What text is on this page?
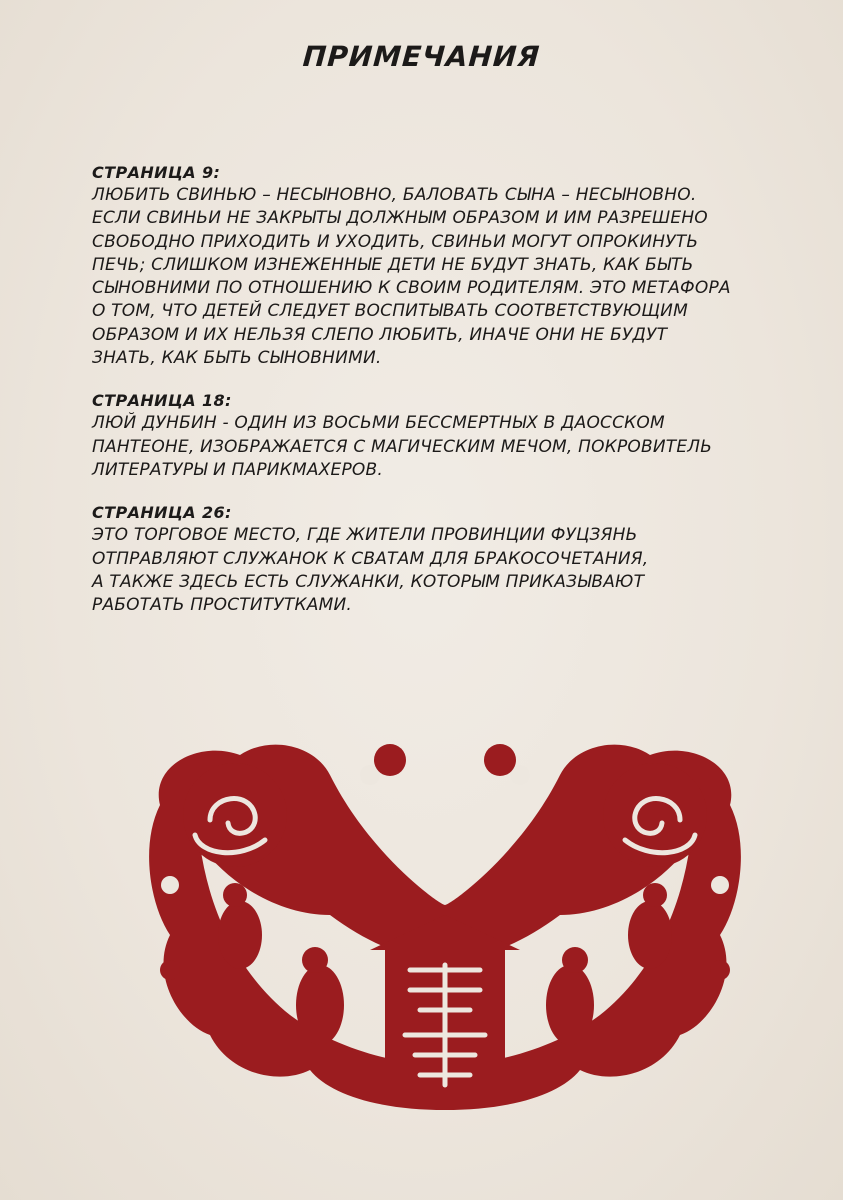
ПРИМЕЧАНИЯ
СТРАНИЦА 9:
ЛЮБИТЬ СВИНЬЮ – НЕСЫНОВНО, БАЛОВАТЬ СЫНА – НЕСЫНОВНО.
ЕСЛИ СВИНЬИ НЕ ЗАКРЫТЫ ДОЛЖНЫМ ОБРАЗОМ И ИМ РАЗРЕШЕНО
СВОБОДНО ПРИХОДИТЬ И УХОДИТЬ, СВИНЬИ МОГУТ ОПРОКИНУТЬ
ПЕЧЬ; СЛИШКОМ ИЗНЕЖЕННЫЕ ДЕТИ НЕ БУДУТ ЗНАТЬ, КАК БЫТЬ
СЫНОВНИМИ ПО ОТНОШЕНИЮ К СВОИМ РОДИТЕЛЯМ. ЭТО МЕТАФОРА
О ТОМ, ЧТО ДЕТЕЙ СЛЕДУЕТ ВОСПИТЫВАТЬ СООТВЕТСТВУЮЩИМ
ОБРАЗОМ И ИХ НЕЛЬЗЯ СЛЕПО ЛЮБИТЬ, ИНАЧЕ ОНИ НЕ БУДУТ
ЗНАТЬ, КАК БЫТЬ СЫНОВНИМИ.
СТРАНИЦА 18:
ЛЮЙ ДУНБИН - ОДИН ИЗ ВОСЬМИ БЕССМЕРТНЫХ В ДАОССКОМ
ПАНТЕОНЕ, ИЗОБРАЖАЕТСЯ С МАГИЧЕСКИМ МЕЧОМ, ПОКРОВИТЕЛЬ
ЛИТЕРАТУРЫ И ПАРИКМАХЕРОВ.
СТРАНИЦА 26:
ЭТО ТОРГОВОЕ МЕСТО, ГДЕ ЖИТЕЛИ ПРОВИНЦИИ ФУЦЗЯНЬ
ОТПРАВЛЯЮТ СЛУЖАНОК К СВАТАМ ДЛЯ БРАКОСОЧЕТАНИЯ,
А ТАКЖЕ ЗДЕСЬ ЕСТЬ СЛУЖАНКИ, КОТОРЫМ ПРИКАЗЫВАЮТ
РАБОТАТЬ ПРОСТИТУТКАМИ.
